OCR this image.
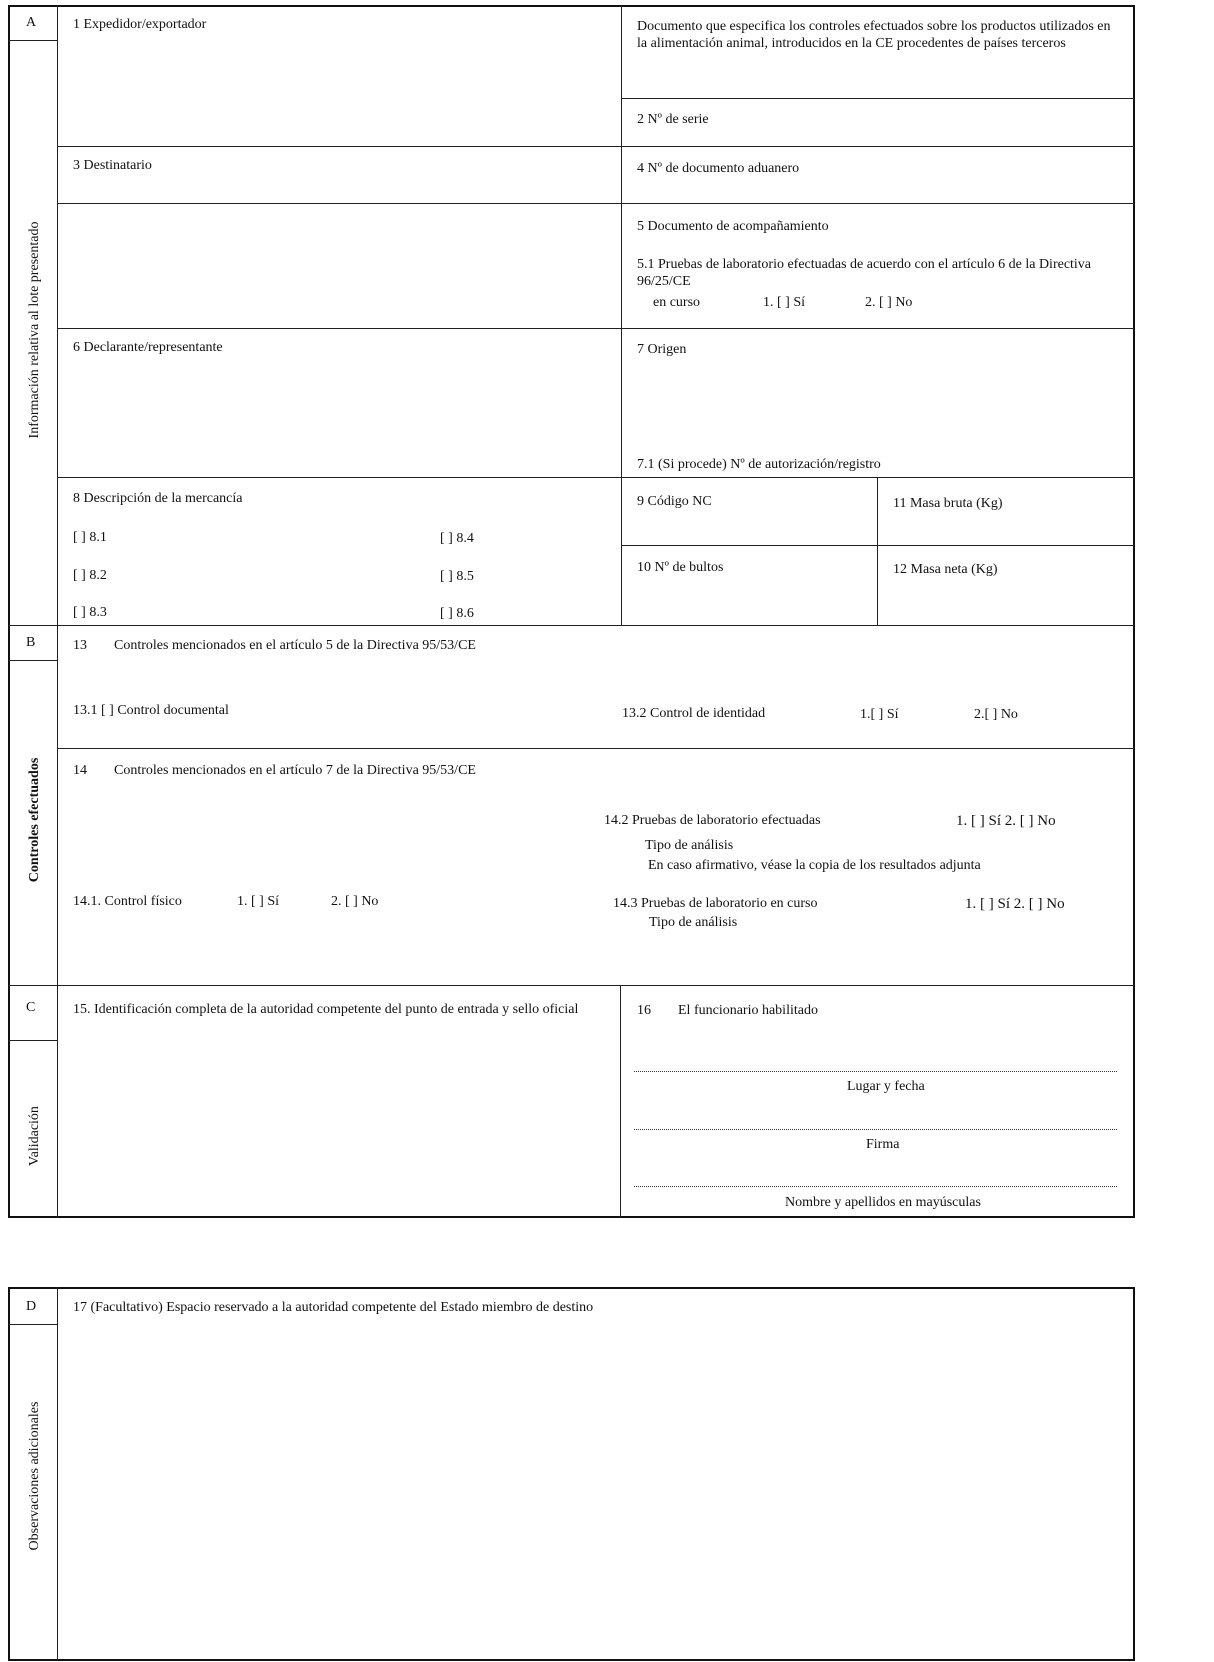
A
Información relativa al lote presentado
B
Controles efectuados
C
Validación
1 Expedidor/exportador	Documento que especifica los controles efectuados sobre los productos utilizados en la alimentación animal, introducidos en la CE procedentes de países terceros
2 Nº de serie
3 Destinatario	4 Nº de documento aduanero
5 Documento de acompañamiento
5.1 Pruebas de laboratorio efectuadas de acuerdo con el artículo 6 de la Directiva 96/25/CE
en curso	1. [ ] Sí	2. [ ] No
6 Declarante/representante	7 Origen
7.1 (Si procede) Nº de autorización/registro
8 Descripción de la mercancía
[ ] 8.1
[ ] 8.2
[ ] 8.3
[ ] 8.4
[ ] 8.5
[ ] 8.6
9 Código NC
10 Nº de bultos
11 Masa bruta (Kg)
12 Masa neta (Kg)
13 Controles mencionados en el artículo 5 de la Directiva 95/53/CE
13.1 [ ] Control documental	13.2 Control de identidad	1.[ ] Sí	2.[ ] No
14 Controles mencionados en el artículo 7 de la Directiva 95/53/CE
14.2 Pruebas de laboratorio efectuadas	1. [ ] Sí 2. [ ] No
Tipo de análisis
En caso afirmativo, véase la copia de los resultados adjunta
14.1. Control físico	1. [ ] Sí	2. [ ] No	14.3 Pruebas de laboratorio en curso	1. [ ] Sí 2. [ ] No
Tipo de análisis
15. Identificación completa de la autoridad competente del punto de entrada y sello oficial	16 El funcionario habilitado
Lugar y fecha
Firma
Nombre y apellidos en mayúsculas
D
Observaciones adicionales
17 (Facultativo) Espacio reservado a la autoridad competente del Estado miembro de destino
